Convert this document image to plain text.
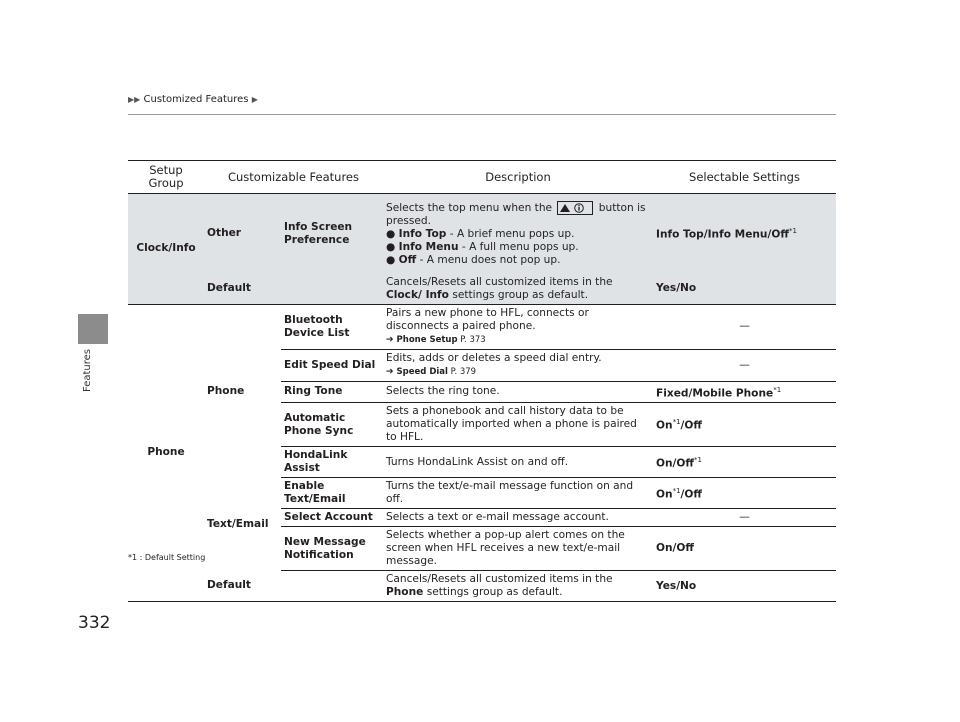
▶▶ Customized Features ▶
Features
Setup Group	Customizable Features		Description	Selectable Settings
Clock/Info	Other	Info Screen Preference	Selects the top menu when the button is pressed.
● Info Top - A brief menu pops up.
● Info Menu - A full menu pops up.
● Off - A menu does not pop up.	Info Top/Info Menu/Off$^{*1}$
	Default		Cancels/Resets all customized items in the Clock/ Info settings group as default.	Yes/No
Phone	Phone	Bluetooth Device List	Pairs a new phone to HFL, connects or disconnects a paired phone.
➔ Phone Setup P. 373	—
		Edit Speed Dial	Edits, adds or deletes a speed dial entry.
➔ Speed Dial P. 379	—
		Ring Tone	Selects the ring tone.	Fixed/Mobile Phone$^{*1}$
		Automatic Phone Sync	Sets a phonebook and call history data to be automatically imported when a phone is paired to HFL.	On$^{*1}$/Off
		HondaLink Assist	Turns HondaLink Assist on and off.	On/Off$^{*1}$
	Text/Email	Enable Text/Email	Turns the text/e-mail message function on and off.	On$^{*1}$/Off
		Select Account	Selects a text or e-mail message account.	—
		New Message Notification	Selects whether a pop-up alert comes on the screen when HFL receives a new text/e-mail message.	On/Off
	Default		Cancels/Resets all customized items in the Phone settings group as default.	Yes/No
*1 : Default Setting
332
